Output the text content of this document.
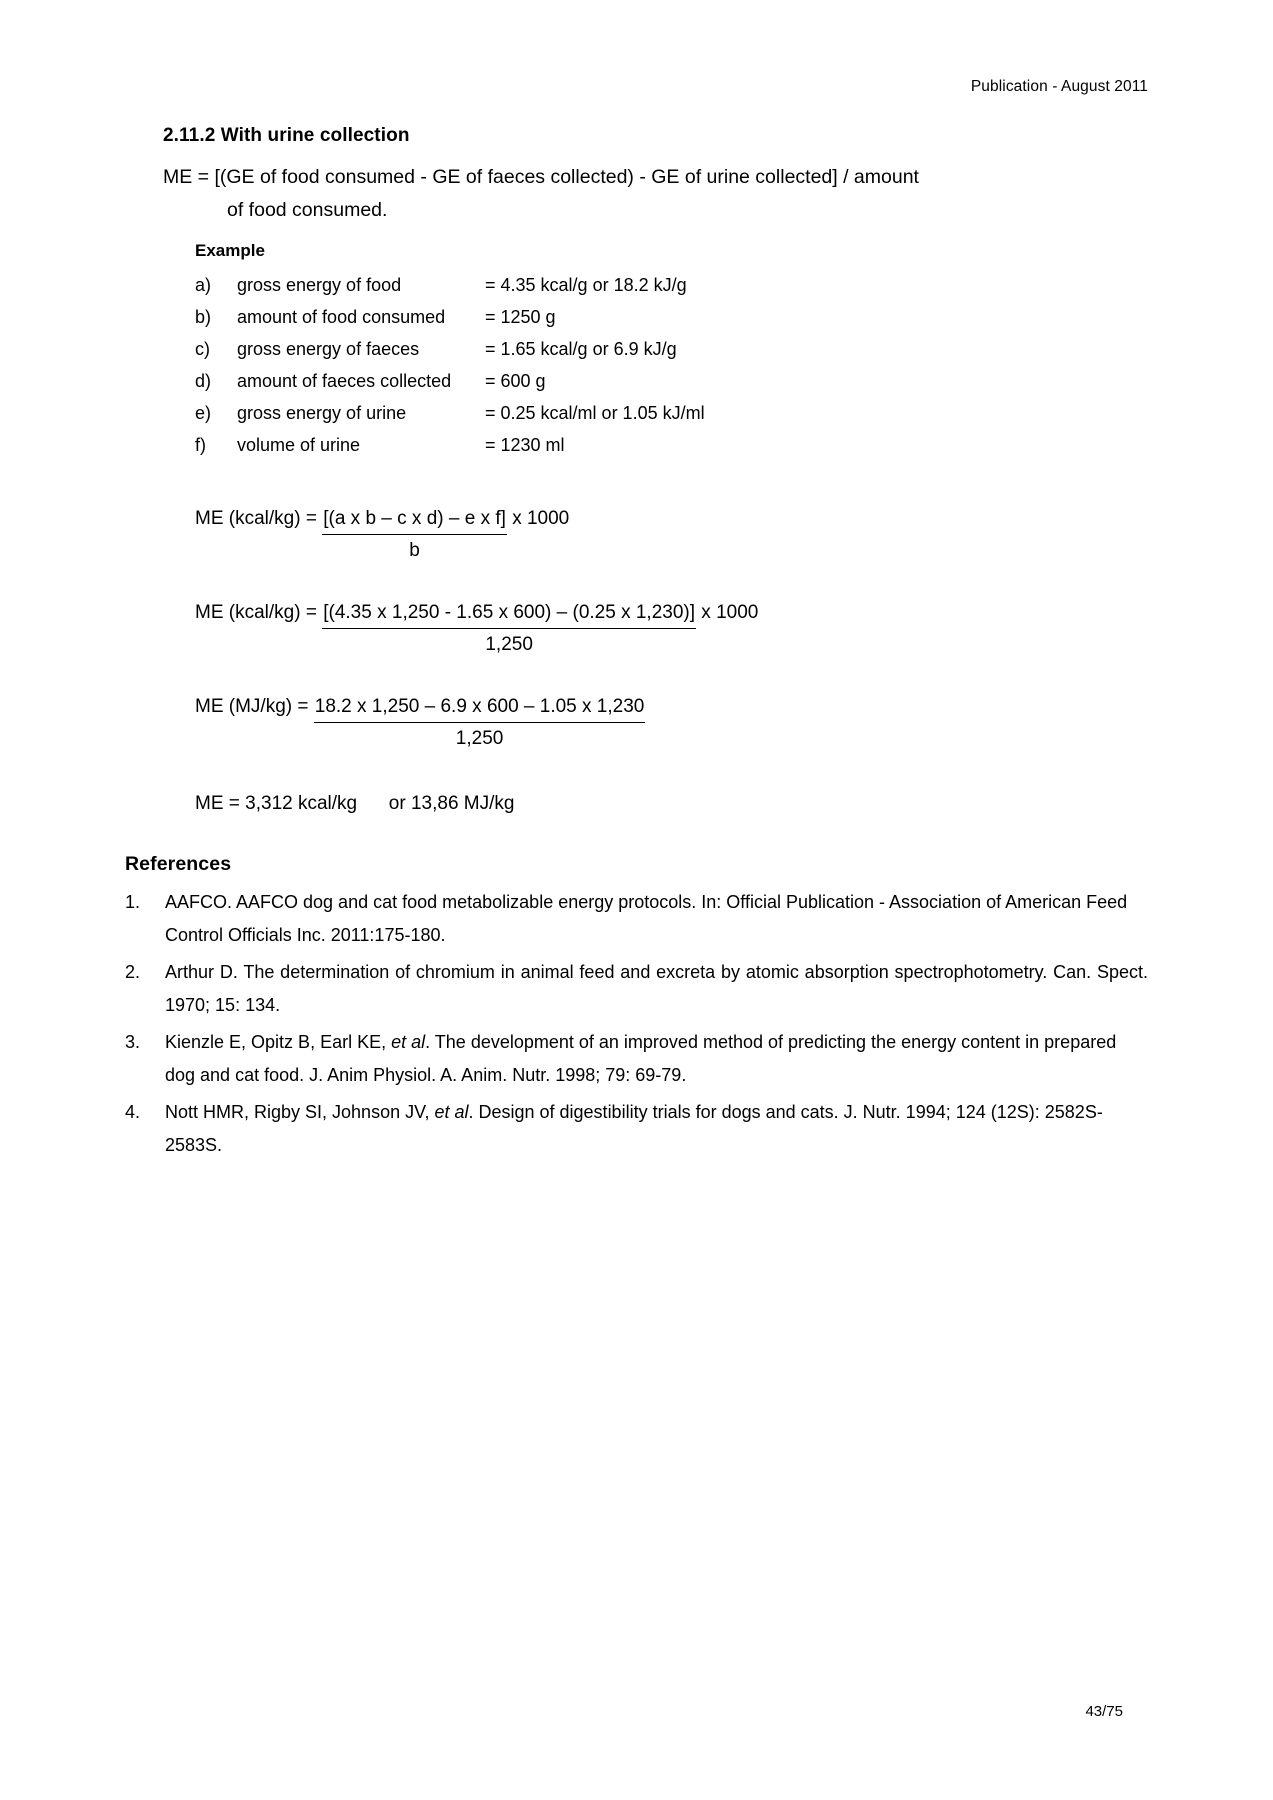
Publication - August 2011
2.11.2 With urine collection

ME = [(GE of food consumed - GE of faeces collected) - GE of urine collected] / amount
of food consumed.

Example
a)	gross energy of food	= 4.35 kcal/g or 18.2 kJ/g
b)	amount of food consumed	= 1250 g
c)	gross energy of faeces	= 1.65 kcal/g or 6.9 kJ/g
d)	amount of faeces collected	= 600 g
e)	gross energy of urine	= 0.25 kcal/ml or 1.05 kJ/ml
f)	volume of urine	= 1230 ml
ME (kcal/kg) = $\frac{\text{[(a x b – c x d) – e x f]}}{b}$ x 1000
ME (kcal/kg) = $\frac{[(4.35 x 1,250 - 1.65 x 600) - (0.25 x 1,230)]}{1,250}$ x 1000
ME $(MJ/kg) = \frac{18.2 x 1,250 - 6.9 x 600 - 1.05 x 1,230}{1,250}$
ME = 3,312 kcal/kg      or 13,86 MJ/kg
References
1.	AAFCO. AAFCO dog and cat food metabolizable energy protocols. In: Official Publication - Association of American Feed Control Officials Inc. 2011:175-180.
2.	Arthur D. The determination of chromium in animal feed and excreta by atomic absorption spectrophotometry. Can. Spect. 1970; 15: 134.
3.	Kienzle E, Opitz B, Earl KE, et al. The development of an improved method of predicting the energy content in prepared dog and cat food. J. Anim Physiol. A. Anim. Nutr. 1998; 79: 69-79.
4.	Nott HMR, Rigby SI, Johnson JV, et al. Design of digestibility trials for dogs and cats. J. Nutr. 1994; 124 (12S): 2582S-2583S.
43/75
